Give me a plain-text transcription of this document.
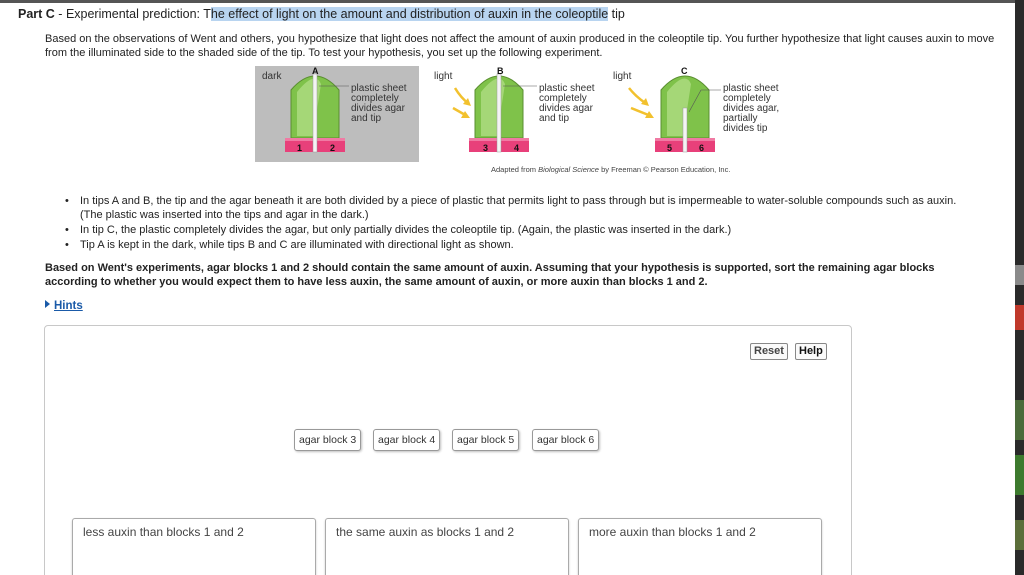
Part C - Experimental prediction: The effect of light on the amount and distribution of auxin in the coleoptile tip

Based on the observations of Went and others, you hypothesize that light does not affect the amount of auxin produced in the coleoptile tip. You further hypothesize that light causes auxin to move from the illuminated side to the shaded side of the tip. To test your hypothesis, you set up the following experiment.

dark	A
plastic sheet
completely
divides agar
and tip
1	2
light	B
plastic sheet
completely
divides agar
and tip
3	4
light	C
plastic sheet
completely
divides agar,
partially
divides tip
5	6
Adapted from Biological Science by Freeman © Pearson Education, Inc.
• In tips A and B, the tip and the agar beneath it are both divided by a piece of plastic that permits light to pass through but is impermeable to water-soluble compounds such as auxin. (The plastic was inserted into the tips and agar in the dark.)
• In tip C, the plastic completely divides the agar, but only partially divides the coleoptile tip. (Again, the plastic was inserted in the dark.)
• Tip A is kept in the dark, while tips B and C are illuminated with directional light as shown.

Based on Went's experiments, agar blocks 1 and 2 should contain the same amount of auxin. Assuming that your hypothesis is supported, sort the remaining agar blocks according to whether you would expect them to have less auxin, the same amount of auxin, or more auxin than blocks 1 and 2.

Hints
Reset	Help
agar block 3	agar block 4	agar block 5	agar block 6
less auxin than blocks 1 and 2	the same auxin as blocks 1 and 2	more auxin than blocks 1 and 2
